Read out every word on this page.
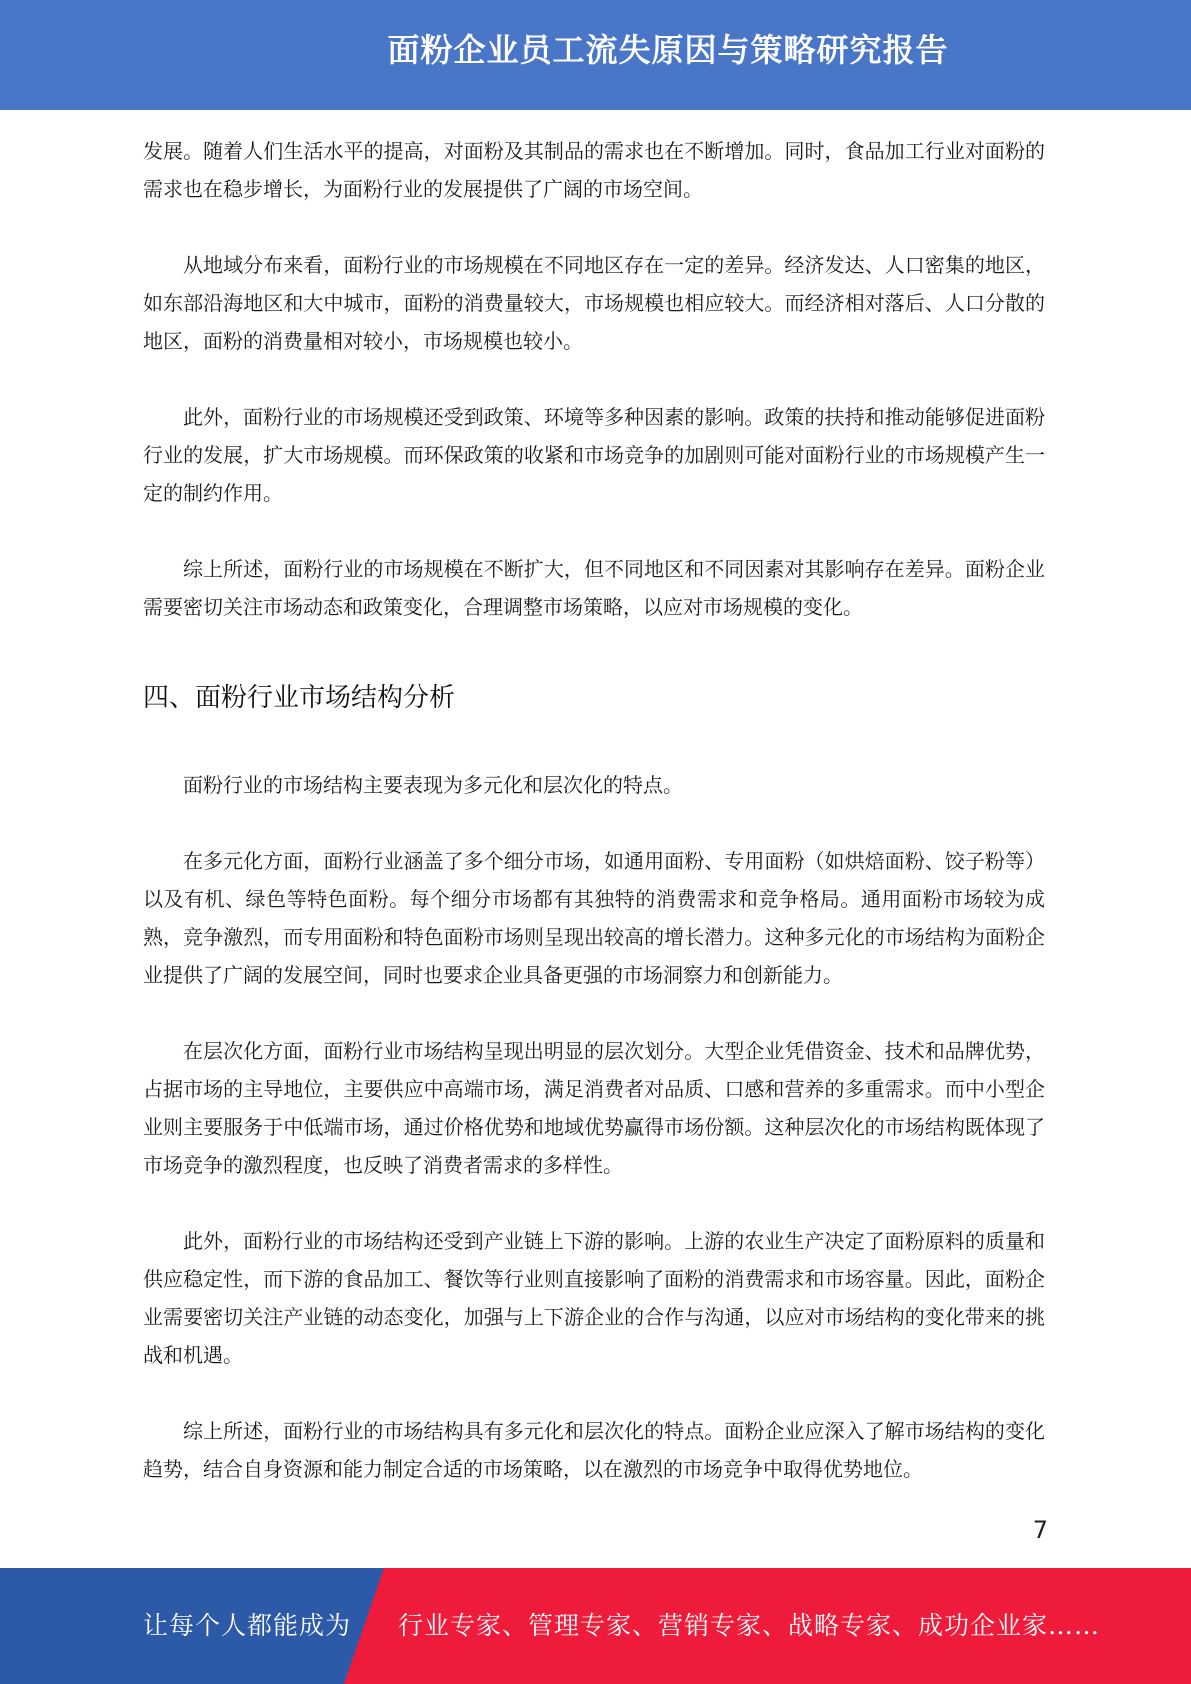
面粉企业员工流失原因与策略研究报告

发展。随着人们生活水平的提高，对面粉及其制品的需求也在不断增加。同时，食品加工行业对面粉的需求也在稳步增长，为面粉行业的发展提供了广阔的市场空间。

从地域分布来看，面粉行业的市场规模在不同地区存在一定的差异。经济发达、人口密集的地区，如东部沿海地区和大中城市，面粉的消费量较大，市场规模也相应较大。而经济相对落后、人口分散的地区，面粉的消费量相对较小，市场规模也较小。

此外，面粉行业的市场规模还受到政策、环境等多种因素的影响。政策的扶持和推动能够促进面粉行业的发展，扩大市场规模。而环保政策的收紧和市场竞争的加剧则可能对面粉行业的市场规模产生一定的制约作用。

综上所述，面粉行业的市场规模在不断扩大，但不同地区和不同因素对其影响存在差异。面粉企业需要密切关注市场动态和政策变化，合理调整市场策略，以应对市场规模的变化。

四、面粉行业市场结构分析

面粉行业的市场结构主要表现为多元化和层次化的特点。

在多元化方面，面粉行业涵盖了多个细分市场，如通用面粉、专用面粉（如烘焙面粉、饺子粉等）以及有机、绿色等特色面粉。每个细分市场都有其独特的消费需求和竞争格局。通用面粉市场较为成熟，竞争激烈，而专用面粉和特色面粉市场则呈现出较高的增长潜力。这种多元化的市场结构为面粉企业提供了广阔的发展空间，同时也要求企业具备更强的市场洞察力和创新能力。

在层次化方面，面粉行业市场结构呈现出明显的层次划分。大型企业凭借资金、技术和品牌优势，占据市场的主导地位，主要供应中高端市场，满足消费者对品质、口感和营养的多重需求。而中小型企业则主要服务于中低端市场，通过价格优势和地域优势赢得市场份额。这种层次化的市场结构既体现了市场竞争的激烈程度，也反映了消费者需求的多样性。

此外，面粉行业的市场结构还受到产业链上下游的影响。上游的农业生产决定了面粉原料的质量和供应稳定性，而下游的食品加工、餐饮等行业则直接影响了面粉的消费需求和市场容量。因此，面粉企业需要密切关注产业链的动态变化，加强与上下游企业的合作与沟通，以应对市场结构的变化带来的挑战和机遇。

综上所述，面粉行业的市场结构具有多元化和层次化的特点。面粉企业应深入了解市场结构的变化趋势，结合自身资源和能力制定合适的市场策略，以在激烈的市场竞争中取得优势地位。

7
让每个人都能成为 行业专家、管理专家、营销专家、战略专家、成功企业家……
